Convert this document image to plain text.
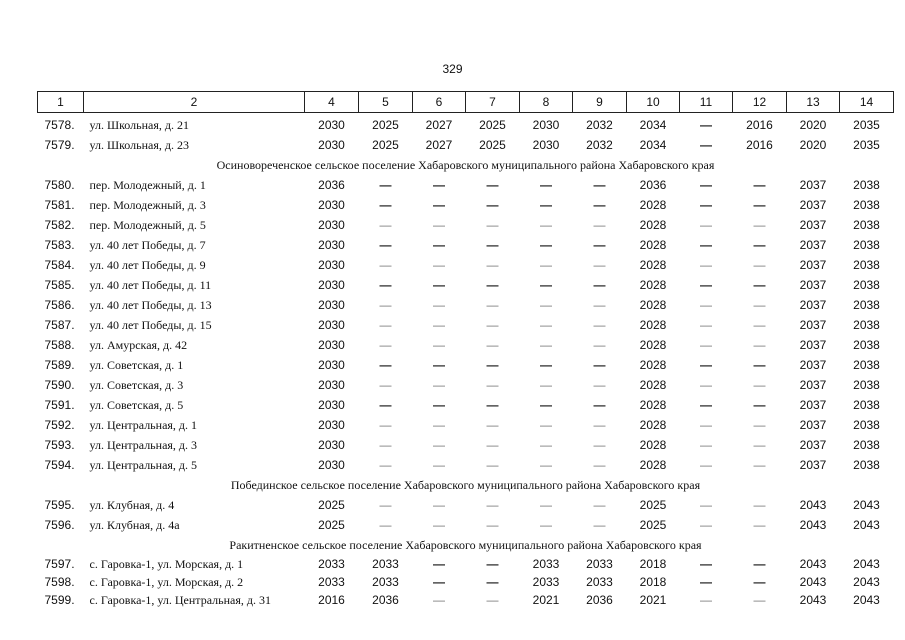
329
1	2	4	5	6	7	8	9	10	11	12	13	14
7578.	ул. Школьная, д. 21	2030	2025	2027	2025	2030	2032	2034	—	2016	2020	2035
7579.	ул. Школьная, д. 23	2030	2025	2027	2025	2030	2032	2034	—	2016	2020	2035
Осиновореченское сельское поселение Хабаровского муниципального района Хабаровского края												
7580.	пер. Молодежный, д. 1	2036	—	—	—	—	—	2036	—	—	2037	2038
7581.	пер. Молодежный, д. 3	2030	—	—	—	—	—	2028	—	—	2037	2038
7582.	пер. Молодежный, д. 5	2030	—	—	—	—	—	2028	—	—	2037	2038
7583.	ул. 40 лет Победы, д. 7	2030	—	—	—	—	—	2028	—	—	2037	2038
7584.	ул. 40 лет Победы, д. 9	2030	—	—	—	—	—	2028	—	—	2037	2038
7585.	ул. 40 лет Победы, д. 11	2030	—	—	—	—	—	2028	—	—	2037	2038
7586.	ул. 40 лет Победы, д. 13	2030	—	—	—	—	—	2028	—	—	2037	2038
7587.	ул. 40 лет Победы, д. 15	2030	—	—	—	—	—	2028	—	—	2037	2038
7588.	ул. Амурская, д. 42	2030	—	—	—	—	—	2028	—	—	2037	2038
7589.	ул. Советская, д. 1	2030	—	—	—	—	—	2028	—	—	2037	2038
7590.	ул. Советская, д. 3	2030	—	—	—	—	—	2028	—	—	2037	2038
7591.	ул. Советская, д. 5	2030	—	—	—	—	—	2028	—	—	2037	2038
7592.	ул. Центральная, д. 1	2030	—	—	—	—	—	2028	—	—	2037	2038
7593.	ул. Центральная, д. 3	2030	—	—	—	—	—	2028	—	—	2037	2038
7594.	ул. Центральная, д. 5	2030	—	—	—	—	—	2028	—	—	2037	2038
Побединское сельское поселение Хабаровского муниципального района Хабаровского края												
7595.	ул. Клубная, д. 4	2025	—	—	—	—	—	2025	—	—	2043	2043
7596.	ул. Клубная, д. 4а	2025	—	—	—	—	—	2025	—	—	2043	2043
Ракитненское сельское поселение Хабаровского муниципального района Хабаровского края												
7597.	с. Гаровка-1, ул. Морская, д. 1	2033	2033	—	—	2033	2033	2018	—	—	2043	2043
7598.	с. Гаровка-1, ул. Морская, д. 2	2033	2033	—	—	2033	2033	2018	—	—	2043	2043
7599.	с. Гаровка-1, ул. Центральная, д. 31	2016	2036	—	—	2021	2036	2021	—	—	2043	2043
